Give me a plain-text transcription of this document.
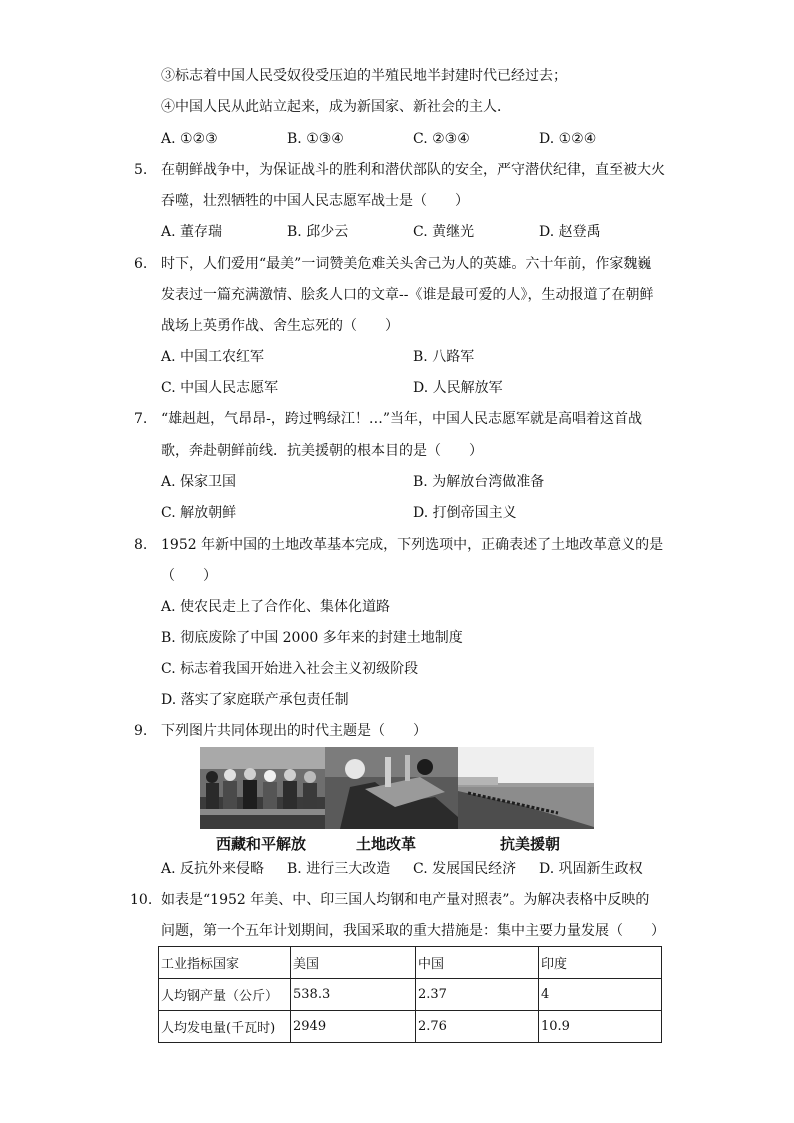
③标志着中国人民受奴役受压迫的半殖民地半封建时代已经过去；
④中国人民从此站立起来，成为新国家、新社会的主人．
A. ①②③	B. ①③④	C. ②③④	D. ①②④
5. 在朝鲜战争中，为保证战斗的胜利和潜伏部队的安全，严守潜伏纪律，直至被大火
吞噬，壮烈牺牲的中国人民志愿军战士是（　　）
A. 董存瑞	B. 邱少云	C. 黄继光	D. 赵登禹
6. 时下，人们爱用“最美”一词赞美危难关头舍己为人的英雄。六十年前，作家魏巍
发表过一篇充满激情、脍炙人口的文章--《谁是最可爱的人》，生动报道了在朝鲜
战场上英勇作战、舍生忘死的（　　）
A. 中国工农红军	B. 八路军
C. 中国人民志愿军	D. 人民解放军
7. “雄赳赳，气昂昂-，跨过鸭绿江！…”当年，中国人民志愿军就是高唱着这首战
歌，奔赴朝鲜前线．抗美援朝的根本目的是（　　）
A. 保家卫国	B. 为解放台湾做准备
C. 解放朝鲜	D. 打倒帝国主义
8. 1952 年新中国的土地改革基本完成，下列选项中，正确表述了土地改革意义的是
（　　）
A. 使农民走上了合作化、集体化道路
B. 彻底废除了中国 2000 多年来的封建土地制度
C. 标志着我国开始进入社会主义初级阶段
D. 落实了家庭联产承包责任制
9. 下列图片共同体现出的时代主题是（　　）
西藏和平解放	土地改革	抗美援朝
A. 反抗外来侵略 B. 进行三大改造 C. 发展国民经济 D. 巩固新生政权
10. 如表是“1952 年美、中、印三国人均钢和电产量对照表”。为解决表格中反映的
问题，第一个五年计划期间，我国采取的重大措施是：集中主要力量发展（　　）
工业指标国家	美国	中国	印度
人均钢产量（公斤）	538.3	2.37	4
人均发电量(千瓦时)	2949	2.76	10.9
